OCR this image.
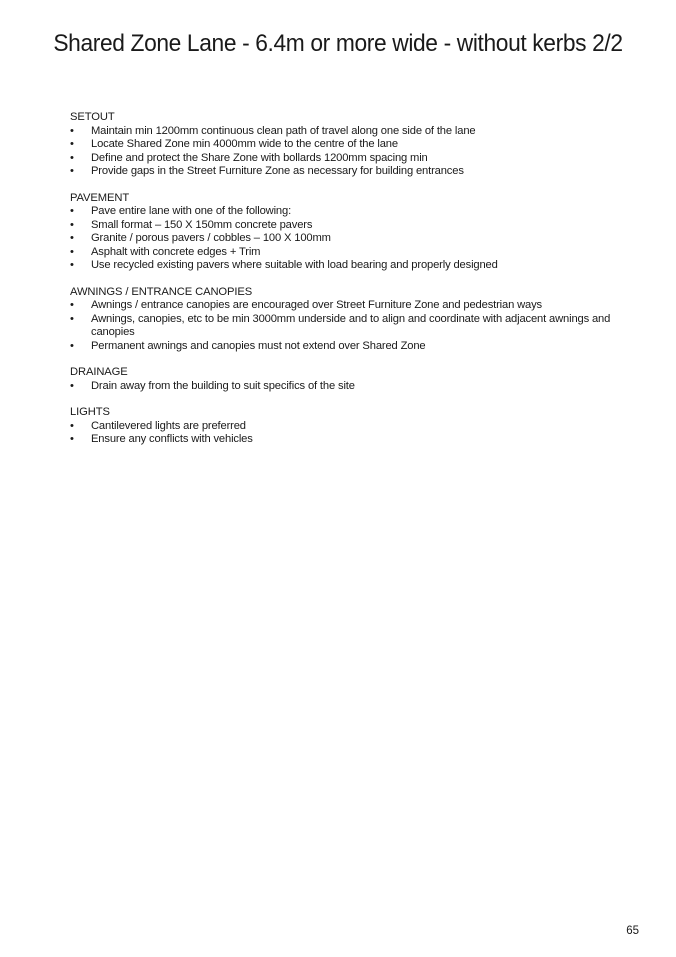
Shared Zone Lane - 6.4m or more wide - without kerbs 2/2
SETOUT
• Maintain min 1200mm continuous clean path of travel along one side of the lane
• Locate Shared Zone min 4000mm wide to the centre of the lane
• Deﬁne and protect the Share Zone with bollards 1200mm spacing min
• Provide gaps in the Street Furniture Zone as necessary for building entrances
PAVEMENT
• Pave entire lane with one of the following:
• Small format – 150 X 150mm concrete pavers
• Granite / porous pavers / cobbles – 100 X 100mm
• Asphalt with concrete edges + Trim
• Use recycled existing pavers where suitable with load bearing and properly designed
AWNINGS / ENTRANCE CANOPIES
• Awnings / entrance canopies are encouraged over Street Furniture Zone and pedestrian ways
• Awnings, canopies, etc to be min 3000mm underside and to align and coordinate with adjacent awnings and canopies
• Permanent awnings and canopies must not extend over Shared Zone
DRAINAGE
• Drain away from the building to suit speciﬁcs of the site
LIGHTS
• Cantilevered lights are preferred
• Ensure any conﬂicts with vehicles
65
